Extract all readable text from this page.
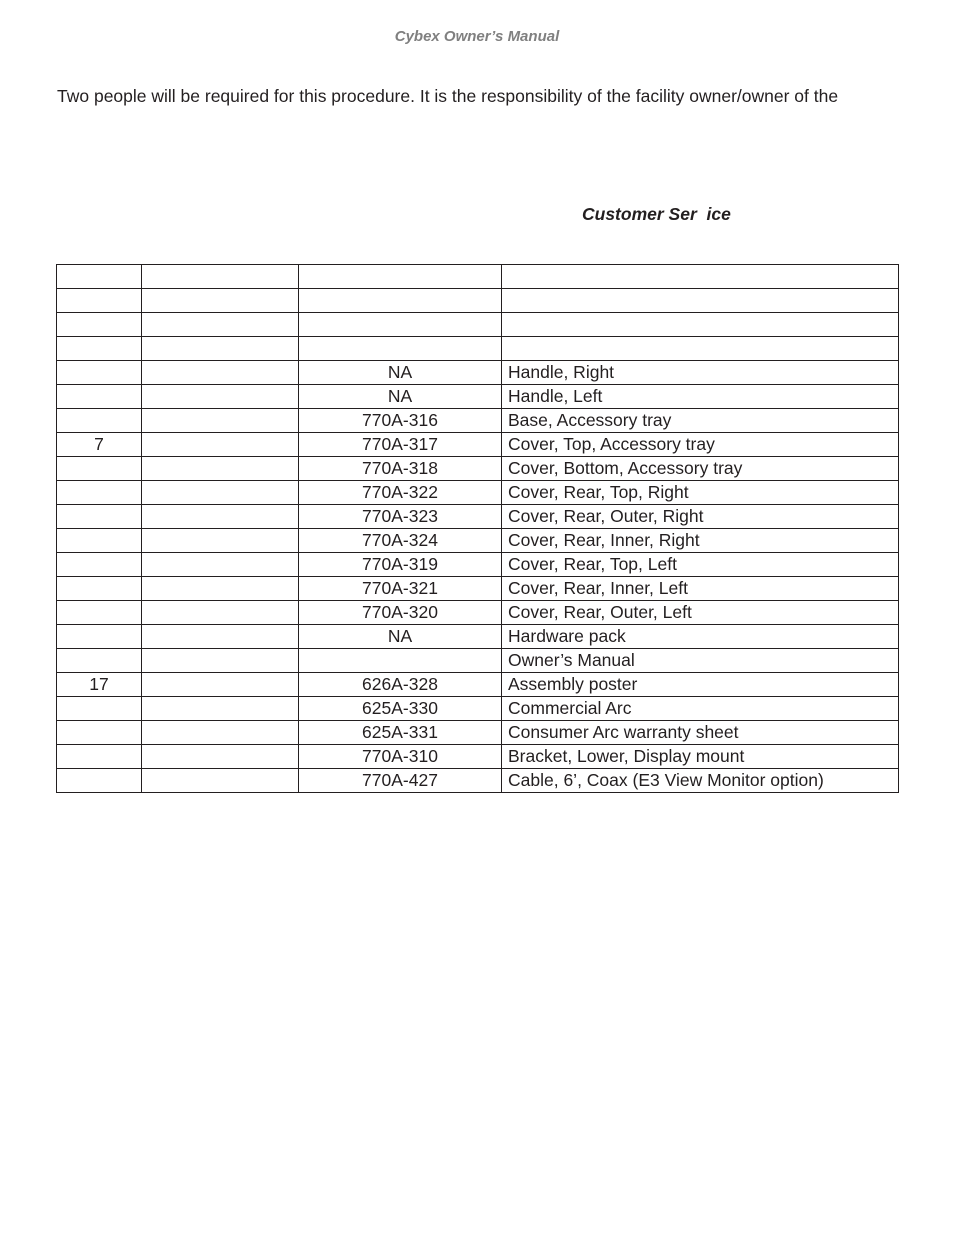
Cybex Owner’s Manual
Two people will be required for this procedure. It is the responsibility of the facility owner/owner of the
Customer Ser  ice

		NA	Handle, Right
		NA	Handle, Left
		770A-316	Base, Accessory tray
7		770A-317	Cover, Top, Accessory tray
		770A-318	Cover, Bottom, Accessory tray
		770A-322	Cover, Rear, Top, Right
		770A-323	Cover, Rear, Outer, Right
		770A-324	Cover, Rear, Inner, Right
		770A-319	Cover, Rear, Top, Left
		770A-321	Cover, Rear, Inner, Left
		770A-320	Cover, Rear, Outer, Left
		NA	Hardware pack
			Owner’s Manual
17		626A-328	Assembly poster
		625A-330	Commercial Arc
		625A-331	Consumer Arc warranty sheet
		770A-310	Bracket, Lower, Display mount
		770A-427	Cable, 6’, Coax (E3 View Monitor option)
